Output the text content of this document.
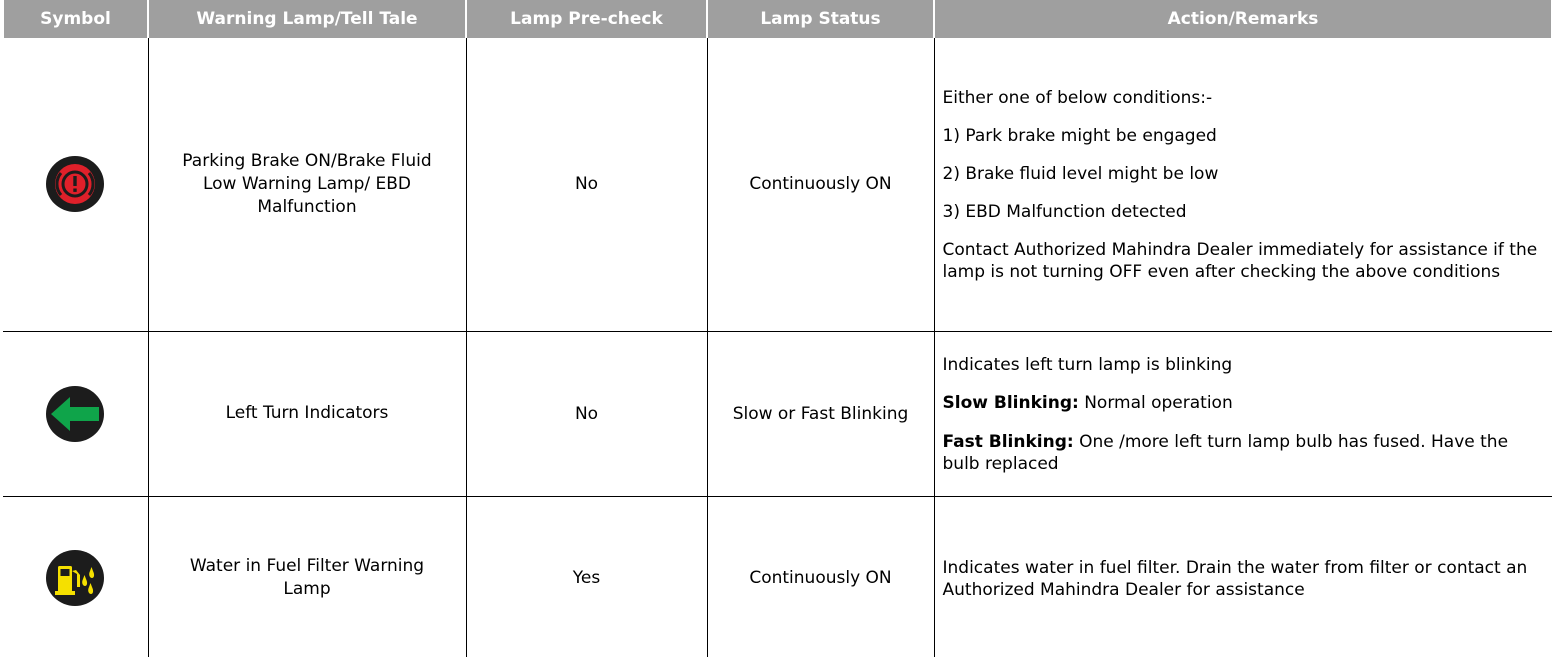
Symbol	Warning Lamp/Tell Tale	Lamp Pre-check	Lamp Status	Action/Remarks

Parking Brake ON/Brake Fluid Low Warning Lamp/ EBD Malfunction	No	Continuously ON	Either one of below conditions:-

1) Park brake might be engaged

2) Brake fluid level might be low

3) EBD Malfunction detected

Contact Authorized Mahindra Dealer immediately for assistance if the lamp is not turning OFF even after checking the above conditions

Left Turn Indicators	No	Slow or Fast Blinking	Indicates left turn lamp is blinking

Slow Blinking: Normal operation

Fast Blinking: One /more left turn lamp bulb has fused. Have the bulb replaced

Water in Fuel Filter Warning Lamp	Yes	Continuously ON	Indicates water in fuel filter. Drain the water from filter or contact an Authorized Mahindra Dealer for assistance
